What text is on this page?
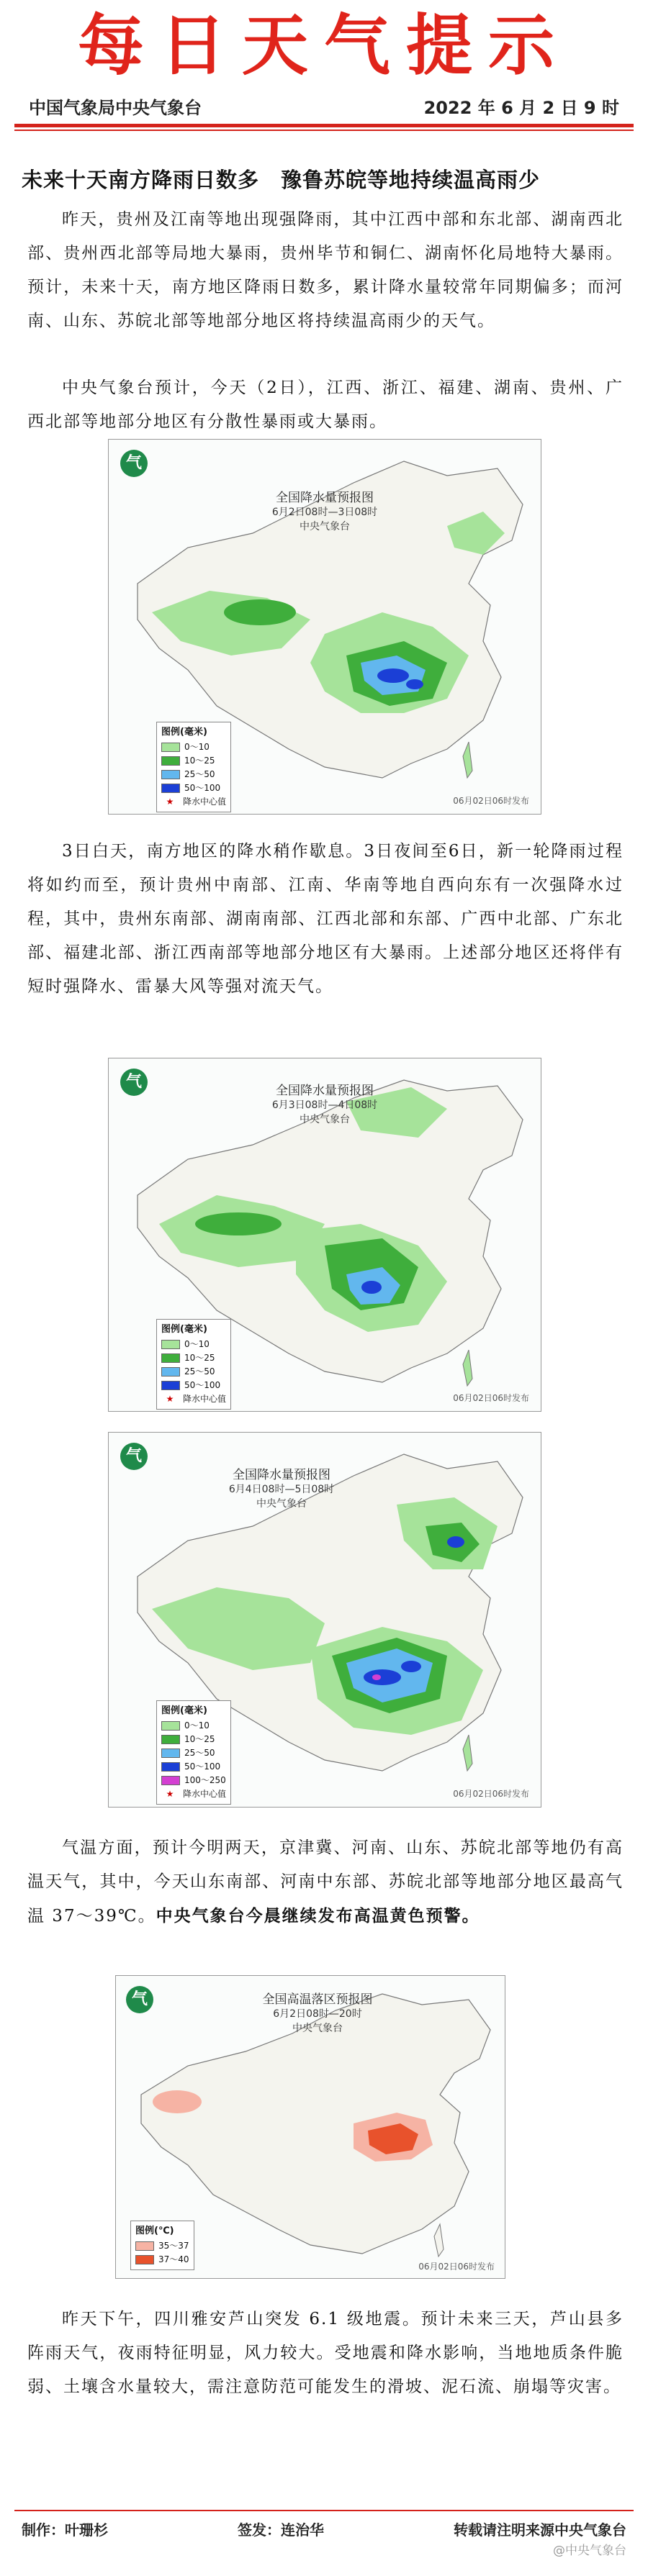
每日天气提示
中国气象局中央气象台	2022 年 6 月 2 日 9 时
未来十天南方降雨日数多　豫鲁苏皖等地持续温高雨少
昨天，贵州及江南等地出现强降雨，其中江西中部和东北部、湖南西北部、贵州西北部等局地大暴雨，贵州毕节和铜仁、湖南怀化局地特大暴雨。预计，未来十天，南方地区降雨日数多，累计降水量较常年同期偏多；而河南、山东、苏皖北部等地部分地区将持续温高雨少的天气。
中央气象台预计，今天（2日），江西、浙江、福建、湖南、贵州、广西北部等地部分地区有分散性暴雨或大暴雨。
气
全国降水量预报图
6月2日08时—3日08时
中央气象台
图例(毫米)
0～10
10～25
25～50
50～100
★	降水中心值	06月02日06时发布
3日白天，南方地区的降水稍作歇息。3日夜间至6日，新一轮降雨过程将如约而至，预计贵州中南部、江南、华南等地自西向东有一次强降水过程，其中，贵州东南部、湖南南部、江西北部和东部、广西中北部、广东北部、福建北部、浙江西南部等地部分地区有大暴雨。上述部分地区还将伴有短时强降水、雷暴大风等强对流天气。
气	全国降水量预报图
6月3日08时—4日08时
中央气象台
图例(毫米)
0～10
10～25
25～50
50～100
★	降水中心值	06月02日06时发布
气
全国降水量预报图
6月4日08时—5日08时
中央气象台
图例(毫米)
0～10
10～25
25～50
50～100
100～250
★	降水中心值	06月02日06时发布
气温方面，预计今明两天，京津冀、河南、山东、苏皖北部等地仍有高温天气，其中，今天山东南部、河南中东部、苏皖北部等地部分地区最高气温 37～39℃。中央气象台今晨继续发布高温黄色预警。
气	全国高温落区预报图
6月2日08时—20时
中央气象台
图例(℃)
35～37
37～40
06月02日06时发布
昨天下午，四川雅安芦山突发 6.1 级地震。预计未来三天，芦山县多阵雨天气，夜雨特征明显，风力较大。受地震和降水影响，当地地质条件脆弱、土壤含水量较大，需注意防范可能发生的滑坡、泥石流、崩塌等灾害。
制作：叶珊杉	签发：连治华	转载请注明来源中央气象台
@中央气象台
